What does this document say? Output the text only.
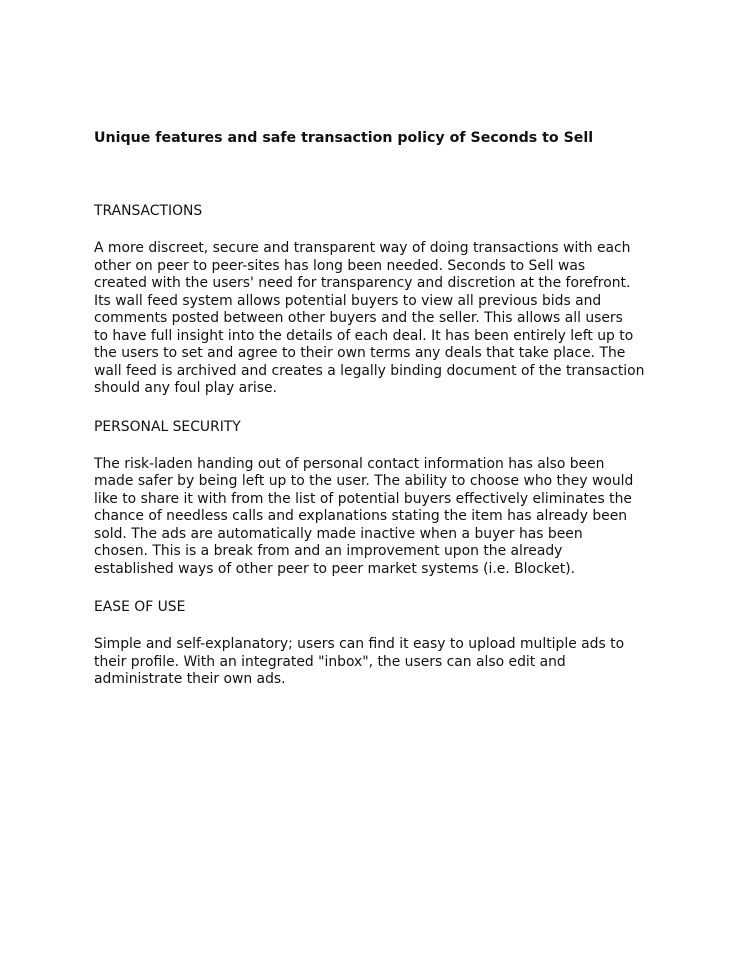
Unique features and safe transaction policy of Seconds to Sell
TRANSACTIONS
A more discreet, secure and transparent way of doing transactions with each
other on peer to peer-sites has long been needed. Seconds to Sell was
created with the users' need for transparency and discretion at the forefront.
Its wall feed system allows potential buyers to view all previous bids and
comments posted between other buyers and the seller. This allows all users
to have full insight into the details of each deal. It has been entirely left up to
the users to set and agree to their own terms any deals that take place. The
wall feed is archived and creates a legally binding document of the transaction
should any foul play arise.
PERSONAL SECURITY
The risk-laden handing out of personal contact information has also been
made safer by being left up to the user. The ability to choose who they would
like to share it with from the list of potential buyers effectively eliminates the
chance of needless calls and explanations stating the item has already been
sold. The ads are automatically made inactive when a buyer has been
chosen. This is a break from and an improvement upon the already
established ways of other peer to peer market systems (i.e. Blocket).
EASE OF USE
Simple and self-explanatory; users can find it easy to upload multiple ads to
their profile. With an integrated "inbox", the users can also edit and
administrate their own ads.
